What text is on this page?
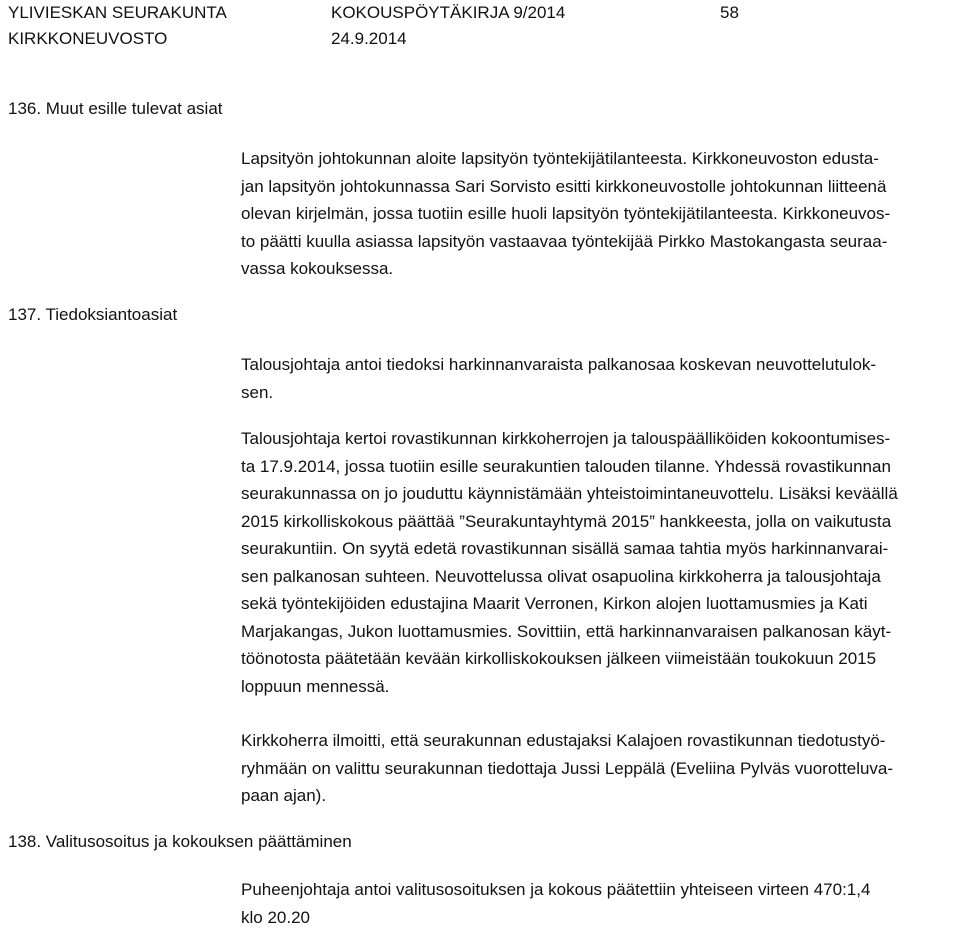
YLIVIESKAN SEURAKUNTA	KOKOUSPÖYTÄKIRJA 9/2014	58
KIRKKONEUVOSTO	24.9.2014
136. Muut esille tulevat asiat
Lapsityön johtokunnan aloite lapsityön työntekijätilanteesta. Kirkkoneuvoston edusta-
jan lapsityön johtokunnassa Sari Sorvisto esitti kirkkoneuvostolle johtokunnan liitteenä
olevan kirjelmän, jossa tuotiin esille huoli lapsityön työntekijätilanteesta. Kirkkoneuvos-
to päätti kuulla asiassa lapsityön vastaavaa työntekijää Pirkko Mastokangasta seuraa-
vassa kokouksessa.
137. Tiedoksiantoasiat
Talousjohtaja antoi tiedoksi harkinnanvaraista palkanosaa koskevan neuvottelutulok-
sen.
Talousjohtaja kertoi rovastikunnan kirkkoherrojen ja talouspäälliköiden kokoontumises-
ta 17.9.2014, jossa tuotiin esille seurakuntien talouden tilanne. Yhdessä rovastikunnan
seurakunnassa on jo jouduttu käynnistämään yhteistoimintaneuvottelu. Lisäksi keväällä
2015 kirkolliskokous päättää ”Seurakuntayhtymä 2015” hankkeesta, jolla on vaikutusta
seurakuntiin. On syytä edetä rovastikunnan sisällä samaa tahtia myös harkinnanvarai-
sen palkanosan suhteen. Neuvottelussa olivat osapuolina kirkkoherra ja talousjohtaja
sekä työntekijöiden edustajina Maarit Verronen, Kirkon alojen luottamusmies ja Kati
Marjakangas, Jukon luottamusmies. Sovittiin, että harkinnanvaraisen palkanosan käyt-
töönotosta päätetään kevään kirkolliskokouksen jälkeen viimeistään toukokuun 2015
loppuun mennessä.
Kirkkoherra ilmoitti, että seurakunnan edustajaksi Kalajoen rovastikunnan tiedotustyö-
ryhmään on valittu seurakunnan tiedottaja Jussi Leppälä (Eveliina Pylväs vuorotteluva-
paan ajan).
138. Valitusosoitus ja kokouksen päättäminen
Puheenjohtaja antoi valitusosoituksen ja kokous päätettiin yhteiseen virteen 470:1,4
klo 20.20
